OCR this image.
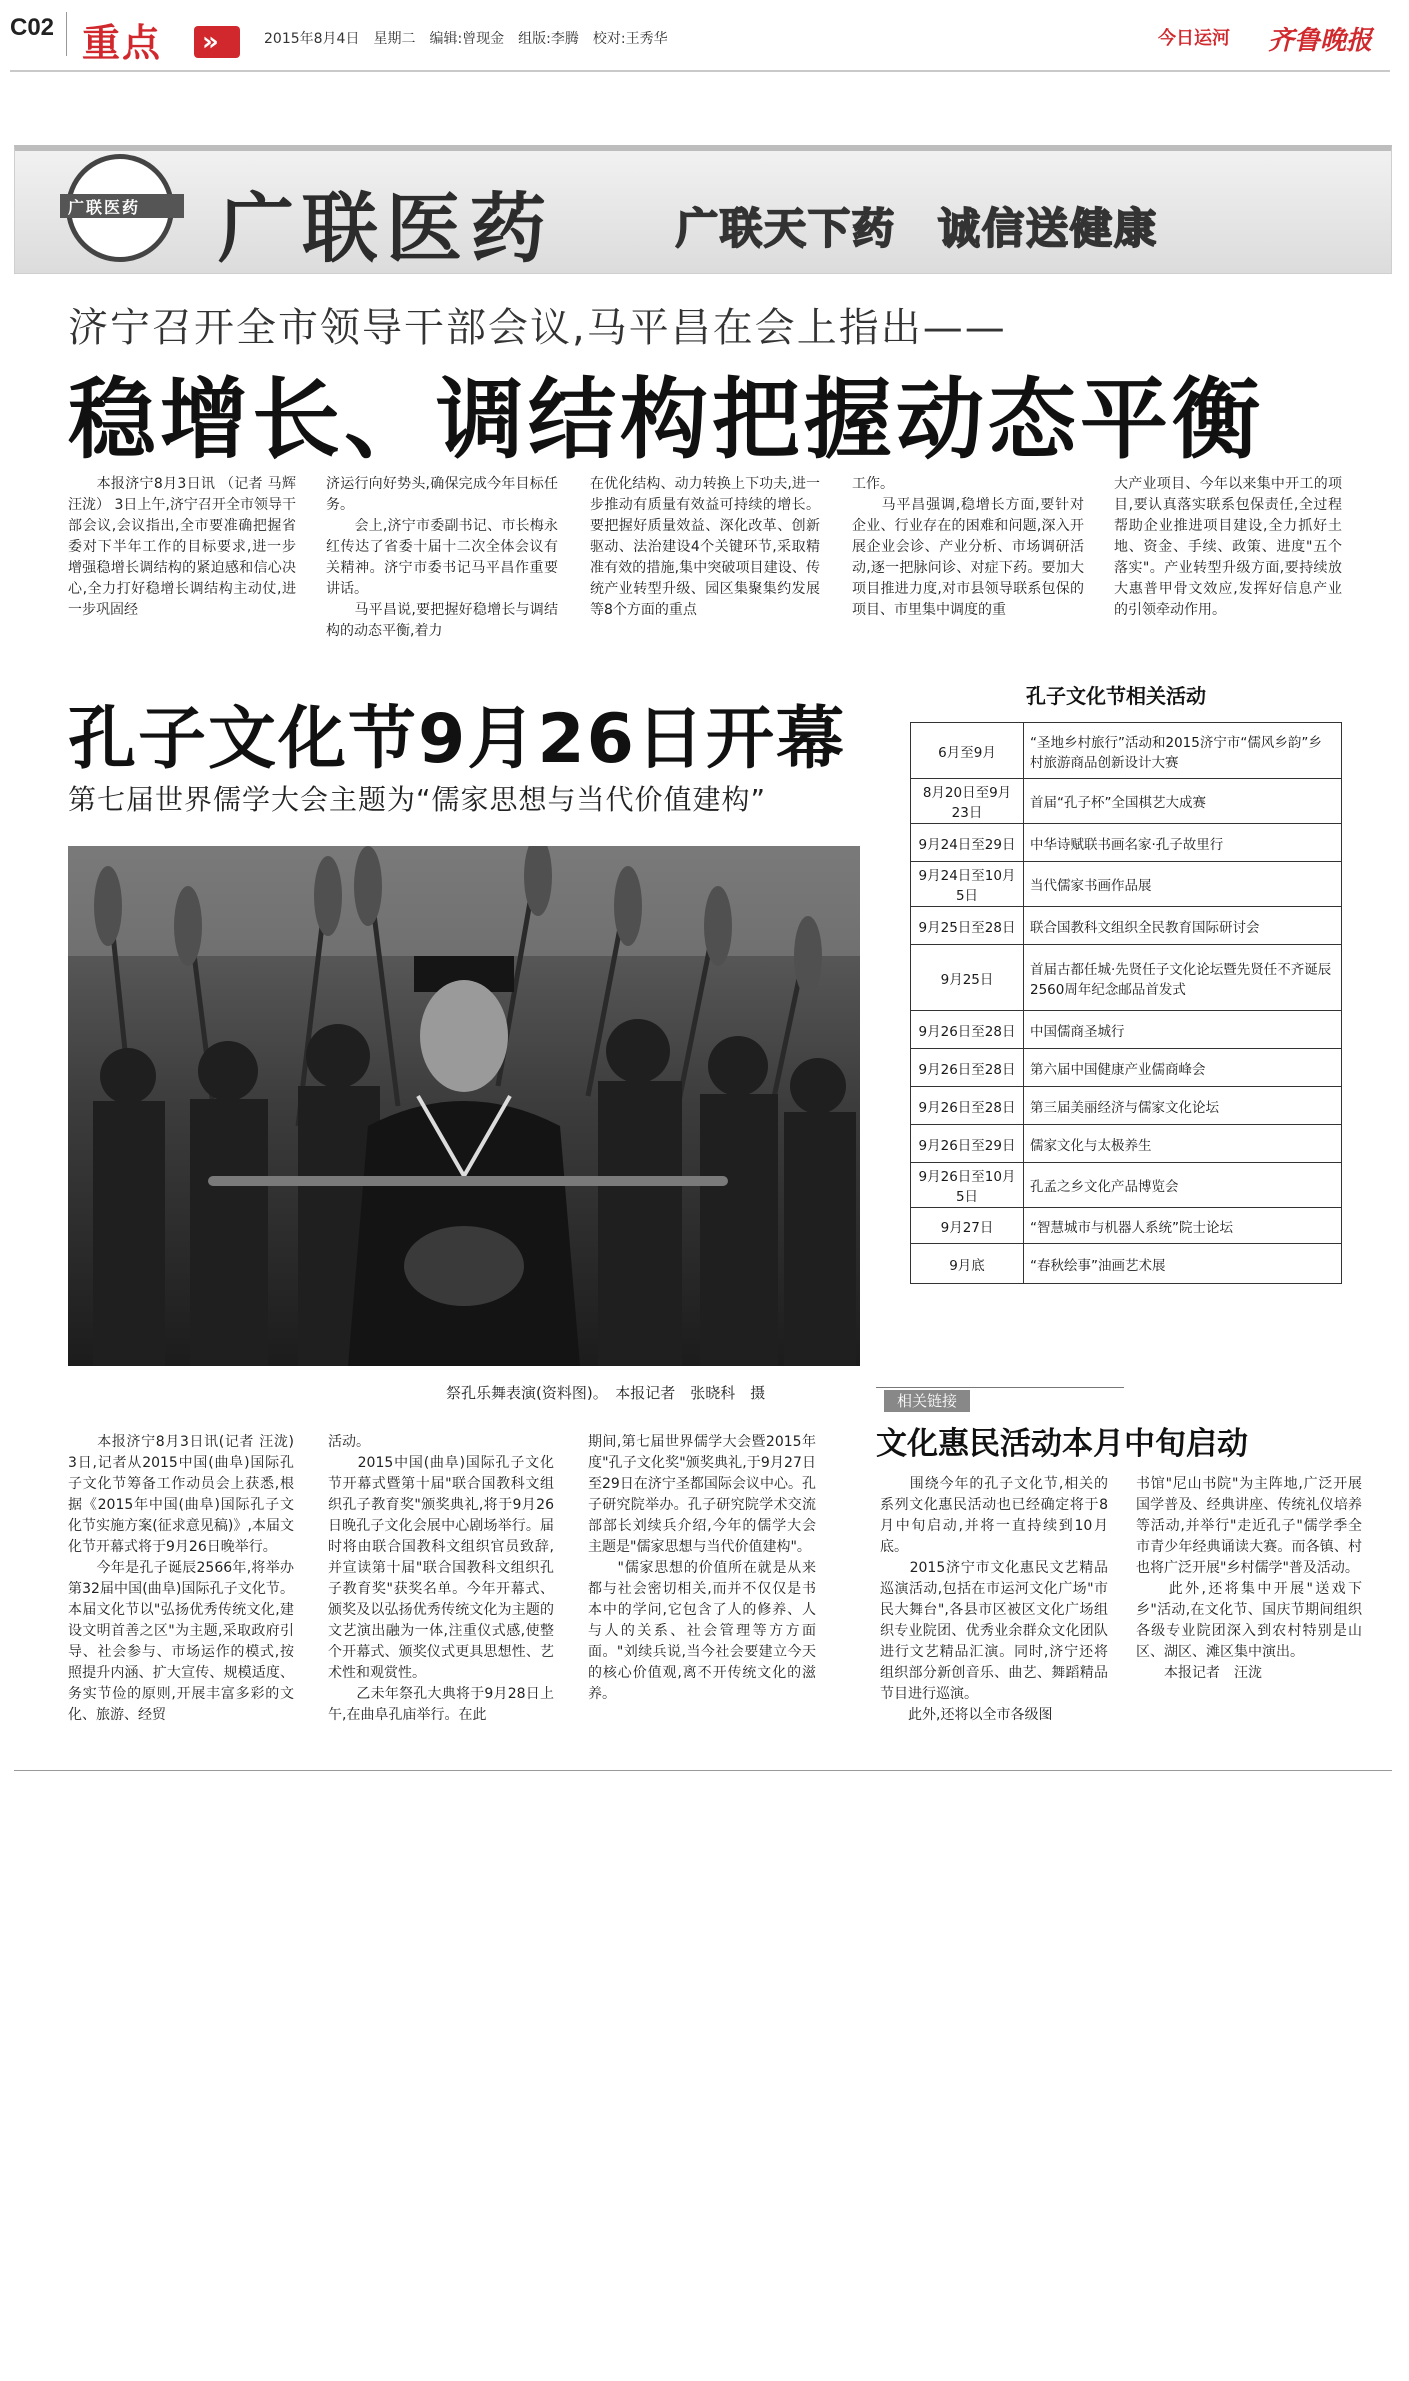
C02 重点 »	2015年8月4日　星期二　编辑:曾现金　组版:李腾　校对:王秀华	今日运河 齐鲁晚报
广联医药 广联医药	广联天下药 诚信送健康
济宁召开全市领导干部会议,马平昌在会上指出——
稳增长、调结构把握动态平衡
　　本报济宁8月3日讯 （记者 马辉 汪泷） 3日上午,济宁召开全市领导干部会议,会议指出,全市要准确把握省委对下半年工作的目标要求,进一步增强稳增长调结构的紧迫感和信心决心,全力打好稳增长调结构主动仗,进一步巩固经
济运行向好势头,确保完成今年目标任务。
　　会上,济宁市委副书记、市长梅永红传达了省委十届十二次全体会议有关精神。济宁市委书记马平昌作重要讲话。
　　马平昌说,要把握好稳增长与调结构的动态平衡,着力
在优化结构、动力转换上下功夫,进一步推动有质量有效益可持续的增长。要把握好质量效益、深化改革、创新驱动、法治建设4个关键环节,采取精准有效的措施,集中突破项目建设、传统产业转型升级、园区集聚集约发展等8个方面的重点
工作。
　　马平昌强调,稳增长方面,要针对企业、行业存在的困难和问题,深入开展企业会诊、产业分析、市场调研活动,逐一把脉问诊、对症下药。要加大项目推进力度,对市县领导联系包保的项目、市里集中调度的重
大产业项目、今年以来集中开工的项目,要认真落实联系包保责任,全过程帮助企业推进项目建设,全力抓好土地、资金、手续、政策、进度"五个落实"。产业转型升级方面,要持续放大惠普甲骨文效应,发挥好信息产业的引领牵动作用。
孔子文化节9月26日开幕
第七届世界儒学大会主题为“儒家思想与当代价值建构”
祭孔乐舞表演(资料图)。　本报记者　张晓科　摄
　　本报济宁8月3日讯(记者 汪泷) 3日,记者从2015中国(曲阜)国际孔子文化节筹备工作动员会上获悉,根据《2015年中国(曲阜)国际孔子文化节实施方案(征求意见稿)》,本届文化节开幕式将于9月26日晚举行。
　　今年是孔子诞辰2566年,将举办第32届中国(曲阜)国际孔子文化节。本届文化节以"弘扬优秀传统文化,建设文明首善之区"为主题,采取政府引导、社会参与、市场运作的模式,按照提升内涵、扩大宣传、规模适度、务实节俭的原则,开展丰富多彩的文化、旅游、经贸
活动。
　　2015中国(曲阜)国际孔子文化节开幕式暨第十届"联合国教科文组织孔子教育奖"颁奖典礼,将于9月26日晚孔子文化会展中心剧场举行。届时将由联合国教科文组织官员致辞,并宣读第十届"联合国教科文组织孔子教育奖"获奖名单。今年开幕式、颁奖及以弘扬优秀传统文化为主题的文艺演出融为一体,注重仪式感,使整个开幕式、颁奖仪式更具思想性、艺术性和观赏性。
　　乙未年祭孔大典将于9月28日上午,在曲阜孔庙举行。在此
期间,第七届世界儒学大会暨2015年度"孔子文化奖"颁奖典礼,于9月27日至29日在济宁圣都国际会议中心。孔子研究院举办。孔子研究院学术交流部部长刘续兵介绍,今年的儒学大会主题是"儒家思想与当代价值建构"。
　　"儒家思想的价值所在就是从来都与社会密切相关,而并不仅仅是书本中的学问,它包含了人的修养、人与人的关系、社会管理等方方面面。"刘续兵说,当今社会要建立今天的核心价值观,离不开传统文化的滋养。
孔子文化节相关活动
6月至9月	“圣地乡村旅行”活动和2015济宁市“儒风乡韵”乡村旅游商品创新设计大赛
8月20日至9月23日	首届“孔子杯”全国棋艺大成赛
9月24日至29日	中华诗赋联书画名家·孔子故里行
9月24日至10月5日	当代儒家书画作品展
9月25日至28日	联合国教科文组织全民教育国际研讨会
9月25日	首届古都任城·先贤任子文化论坛暨先贤任不齐诞辰2560周年纪念邮品首发式
9月26日至28日	中国儒商圣城行
9月26日至28日	第六届中国健康产业儒商峰会
9月26日至28日	第三届美丽经济与儒家文化论坛
9月26日至29日	儒家文化与太极养生
9月26日至10月5日	孔孟之乡文化产品博览会
9月27日	“智慧城市与机器人系统”院士论坛
9月底	“春秋绘事”油画艺术展
相关链接
文化惠民活动本月中旬启动
　　围绕今年的孔子文化节,相关的系列文化惠民活动也已经确定将于8月中旬启动,并将一直持续到10月底。
　　2015济宁市文化惠民文艺精品巡演活动,包括在市运河文化广场"市民大舞台",各县市区被区文化广场组织专业院团、优秀业余群众文化团队进行文艺精品汇演。同时,济宁还将组织部分新创音乐、曲艺、舞蹈精品节目进行巡演。
　　此外,还将以全市各级图
书馆"尼山书院"为主阵地,广泛开展国学普及、经典讲座、传统礼仪培养等活动,并举行"走近孔子"儒学季全市青少年经典诵读大赛。而各镇、村也将广泛开展"乡村儒学"普及活动。
　　此外,还将集中开展"送戏下乡"活动,在文化节、国庆节期间组织各级专业院团深入到农村特别是山区、湖区、滩区集中演出。
　　本报记者　汪泷
